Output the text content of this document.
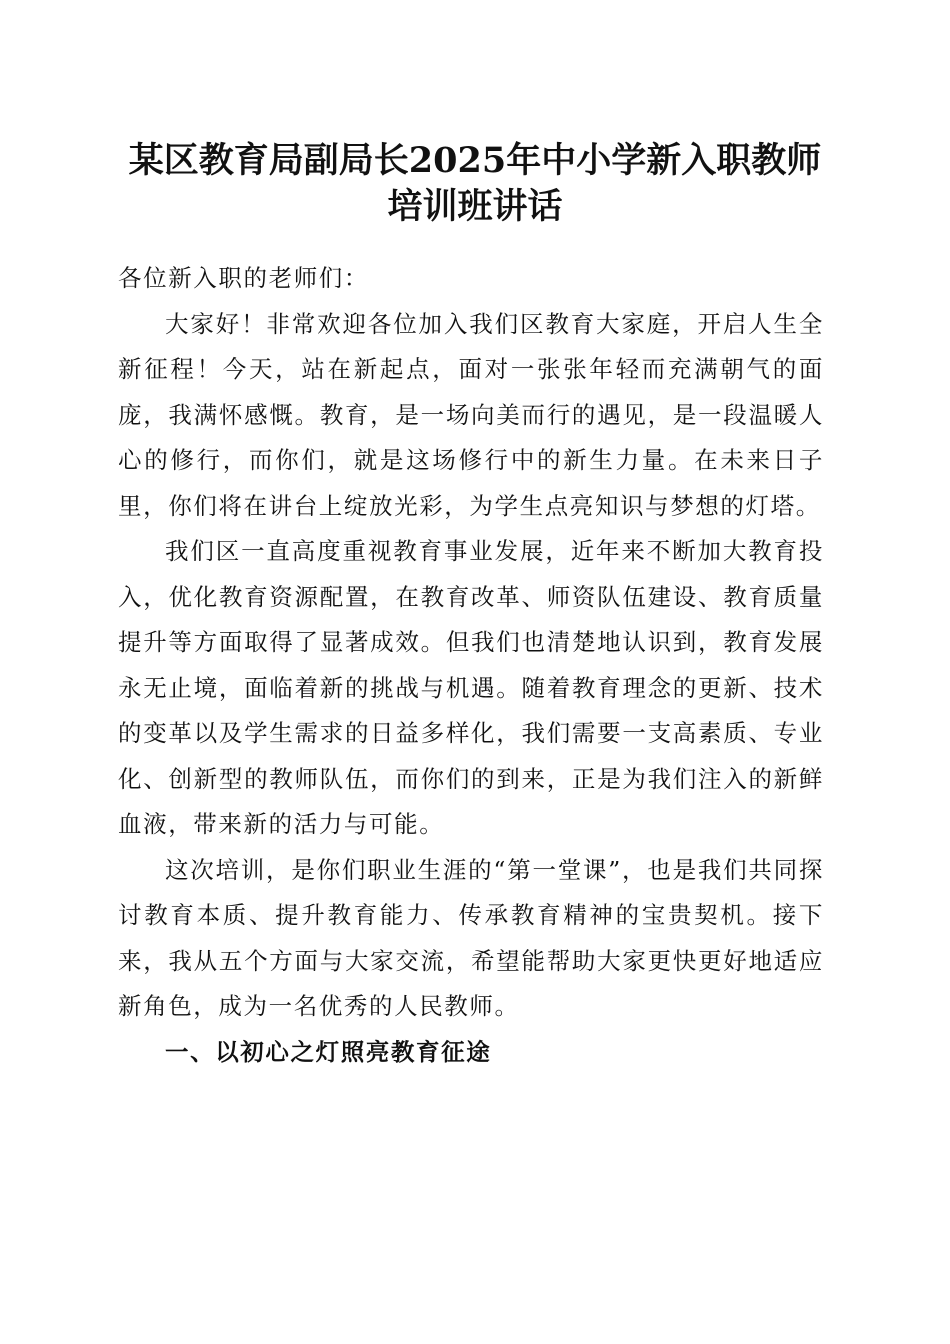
某区教育局副局长2025年中小学新入职教师
培训班讲话

各位新入职的老师们：

大家好！非常欢迎各位加入我们区教育大家庭，开启人生全新征程！今天，站在新起点，面对一张张年轻而充满朝气的面庞，我满怀感慨。教育，是一场向美而行的遇见，是一段温暖人心的修行，而你们，就是这场修行中的新生力量。在未来日子里，你们将在讲台上绽放光彩，为学生点亮知识与梦想的灯塔。

我们区一直高度重视教育事业发展，近年来不断加大教育投入，优化教育资源配置，在教育改革、师资队伍建设、教育质量提升等方面取得了显著成效。但我们也清楚地认识到，教育发展永无止境，面临着新的挑战与机遇。随着教育理念的更新、技术的变革以及学生需求的日益多样化，我们需要一支高素质、专业化、创新型的教师队伍，而你们的到来，正是为我们注入的新鲜血液，带来新的活力与可能。

这次培训，是你们职业生涯的“第一堂课”，也是我们共同探讨教育本质、提升教育能力、传承教育精神的宝贵契机。接下来，我从五个方面与大家交流，希望能帮助大家更快更好地适应新角色，成为一名优秀的人民教师。

一、以初心之灯照亮教育征途
